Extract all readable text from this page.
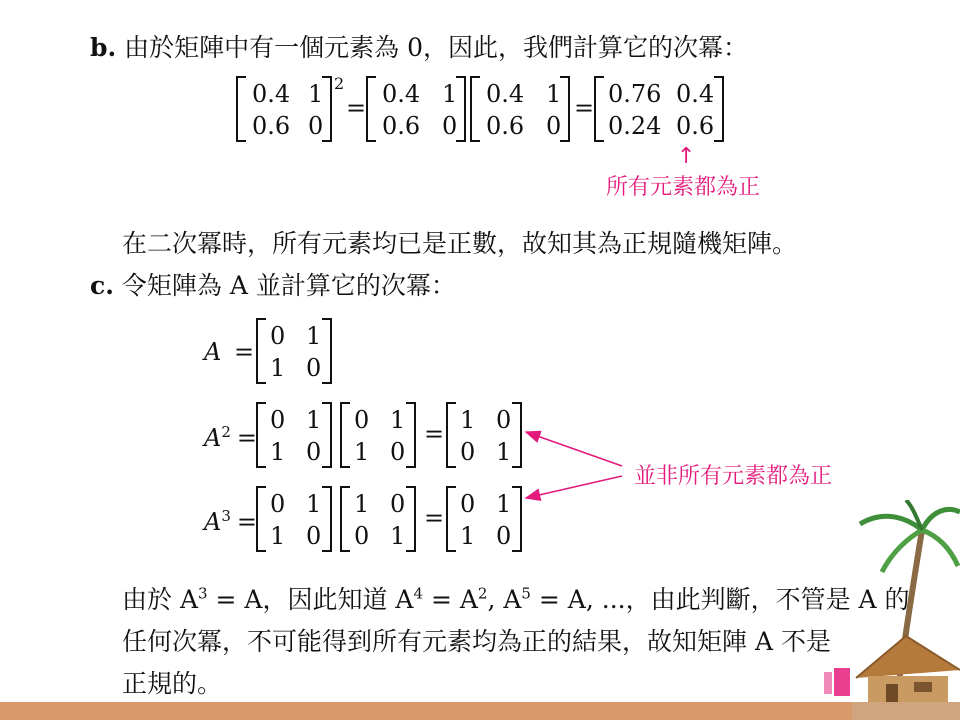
b. 由於矩陣中有一個元素為 0，因此，我們計算它的次冪：
0.4 1
0.6 0
2
= 0.4 1
0.6 0
0.4 1
0.6 0
= 0.76 0.4
0.24 0.6
↑
所有元素都為正
在二次冪時，所有元素均已是正數，故知其為正規隨機矩陣。
c. 令矩陣為 A 並計算它的次冪：
A =
0 1
1 0
$A^2$ =
0 1
1 0
0 1
1 0
= 1 0
0 1
$A^3$ =
0 1
1 0
1 0
0 1
= 0 1
1 0
並非所有元素都為正
由於 $A^3 = A$，因此知道 $A^4 = A^2$, $A^5 = A$, ...，由此判斷，不管是 A 的
任何次冪，不可能得到所有元素均為正的結果，故知矩陣 A 不是
正規的。
